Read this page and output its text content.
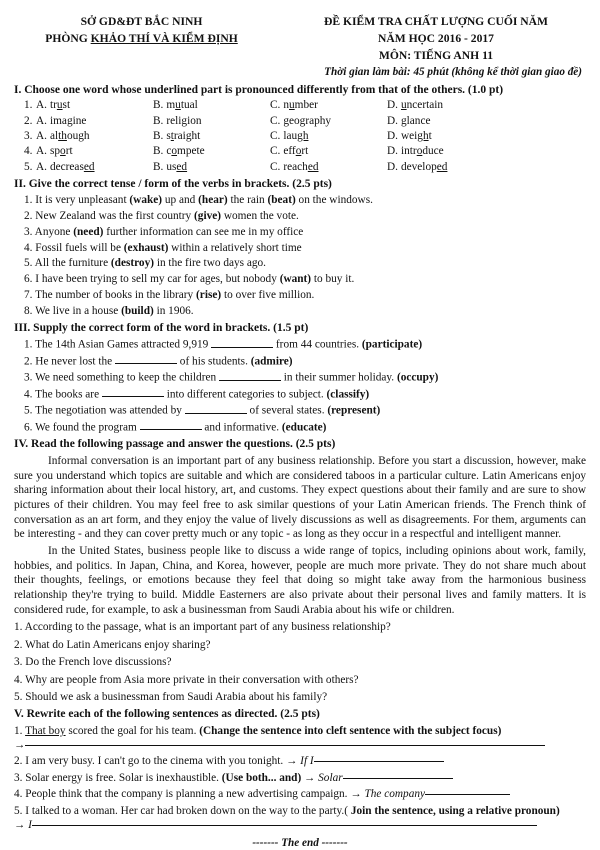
SỞ GD&ĐT BẮC NINH
PHÒNG KHẢO THÍ VÀ KIỂM ĐỊNH
ĐỀ KIỂM TRA CHẤT LƯỢNG CUỐI NĂM
NĂM HỌC 2016 - 2017
MÔN: TIẾNG ANH 11
Thời gian làm bài: 45 phút (không kể thời gian giao đề)
I. Choose one word whose underlined part is pronounced differently from that of the others. (1.0 pt)
1. A. trust	B. mutual	C. number	D. uncertain
2. A. imagine	B. religion	C. geography	D. glance
3. A. although	B. straight	C. laugh	D. weight
4. A. sport	B. compete	C. effort	D. introduce
5. A. decreased	B. used	C. reached	D. developed
II. Give the correct tense / form of the verbs in brackets. (2.5 pts)
1. It is very unpleasant (wake) up and (hear) the rain (beat) on the windows.
2. New Zealand was the first country (give) women the vote.
3. Anyone (need) further information can see me in my office
4. Fossil fuels will be (exhaust) within a relatively short time
5. All the furniture (destroy) in the fire two days ago.
6. I have been trying to sell my car for ages, but nobody (want) to buy it.
7. The number of books in the library (rise) to over five million.
8. We live in a house (build) in 1906.
III. Supply the correct form of the word in brackets. (1.5 pt)
1. The 14th Asian Games attracted 9,919	from 44 countries. (participate)
2. He never lost the	of his students. (admire)
3. We need something to keep the children	in their summer holiday. (occupy)
4. The books are	into different categories to subject. (classify)
5. The negotiation was attended by	of several states. (represent)
6. We found the program	and informative. (educate)
IV. Read the following passage and answer the questions. (2.5 pts)
Informal conversation is an important part of any business relationship. Before you start a discussion, however, make sure you understand which topics are suitable and which are considered taboos in a particular culture. Latin Americans enjoy sharing information about their local history, art, and customs. They expect questions about their family and are sure to show pictures of their children. You may feel free to ask similar questions of your Latin American friends. The French think of conversation as an art form, and they enjoy the value of lively discussions as well as disagreements. For them, arguments can be interesting - and they can cover pretty much or any topic - as long as they occur in a respectful and intelligent manner.
In the United States, business people like to discuss a wide range of topics, including opinions about work, family, hobbies, and politics. In Japan, China, and Korea, however, people are much more private. They do not share much about their thoughts, feelings, or emotions because they feel that doing so might take away from the harmonious business relationship they're trying to build. Middle Easterners are also private about their personal lives and family matters. It is considered rude, for example, to ask a businessman from Saudi Arabia about his wife or children.
1. According to the passage, what is an important part of any business relationship?
2. What do Latin Americans enjoy sharing?
3. Do the French love discussions?
4. Why are people from Asia more private in their conversation with others?
5. Should we ask a businessman from Saudi Arabia about his family?
V. Rewrite each of the following sentences as directed. (2.5 pts)
1. That boy scored the goal for his team. (Change the sentence into cleft sentence with the subject focus)
→
2. I am very busy. I can't go to the cinema with you tonight. → If I
3. Solar energy is free. Solar is inexhaustible. (Use both... and) → Solar
4. People think that the company is planning a new advertising campaign. → The company
5. I talked to a woman. Her car had broken down on the way to the party.( Join the sentence, using a relative pronoun)
→ I
------- The end -------
